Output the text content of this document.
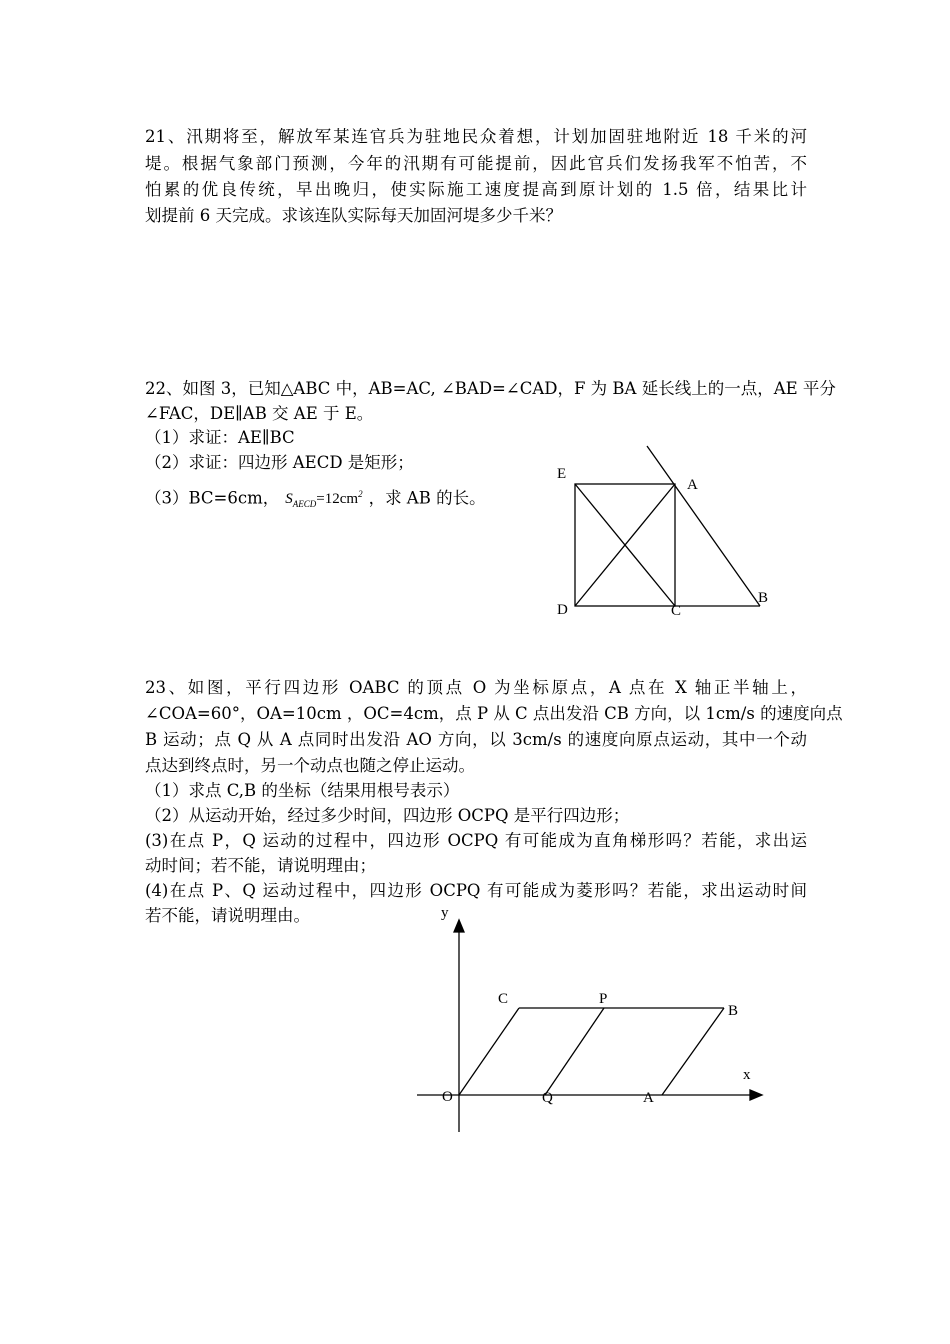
21、汛期将至，解放军某连官兵为驻地民众着想，计划加固驻地附近 18 千米的河
堤。根据气象部门预测，今年的汛期有可能提前，因此官兵们发扬我军不怕苦，不
怕累的优良传统，早出晚归，使实际施工速度提高到原计划的 1.5 倍，结果比计
划提前 6 天完成。求该连队实际每天加固河堤多少千米？
22、如图 3，已知△ABC 中，AB=AC, ∠BAD=∠CAD，F 为 BA 延长线上的一点，AE 平分
∠FAC，DE∥AB 交 AE 于 E。
（1）求证：AE∥BC
（2）求证：四边形 AECD 是矩形；
（3）BC=6cm， $S_{AECD}=12cm^2$ ，求 AB 的长。
E
A
D	C
B
23、如图，平行四边形 OABC 的顶点 O 为坐标原点，A 点在 X 轴正半轴上，
∠COA=60°，OA=10cm ，OC=4cm，点 P 从 C 点出发沿 CB 方向，以 1cm/s 的速度向点
B 运动；点 Q 从 A 点同时出发沿 AO 方向，以 3cm/s 的速度向原点运动，其中一个动
点达到终点时，另一个动点也随之停止运动。
（1）求点 C,B 的坐标（结果用根号表示）
（2）从运动开始，经过多少时间，四边形 OCPQ 是平行四边形；
(3)在点 P，Q 运动的过程中，四边形 OCPQ 有可能成为直角梯形吗？若能，求出运
动时间；若不能，请说明理由；
(4)在点 P、Q 运动过程中，四边形 OCPQ 有可能成为菱形吗？若能，求出运动时间
若不能，请说明理由。	y
x
C	P
B
O	Q	A
